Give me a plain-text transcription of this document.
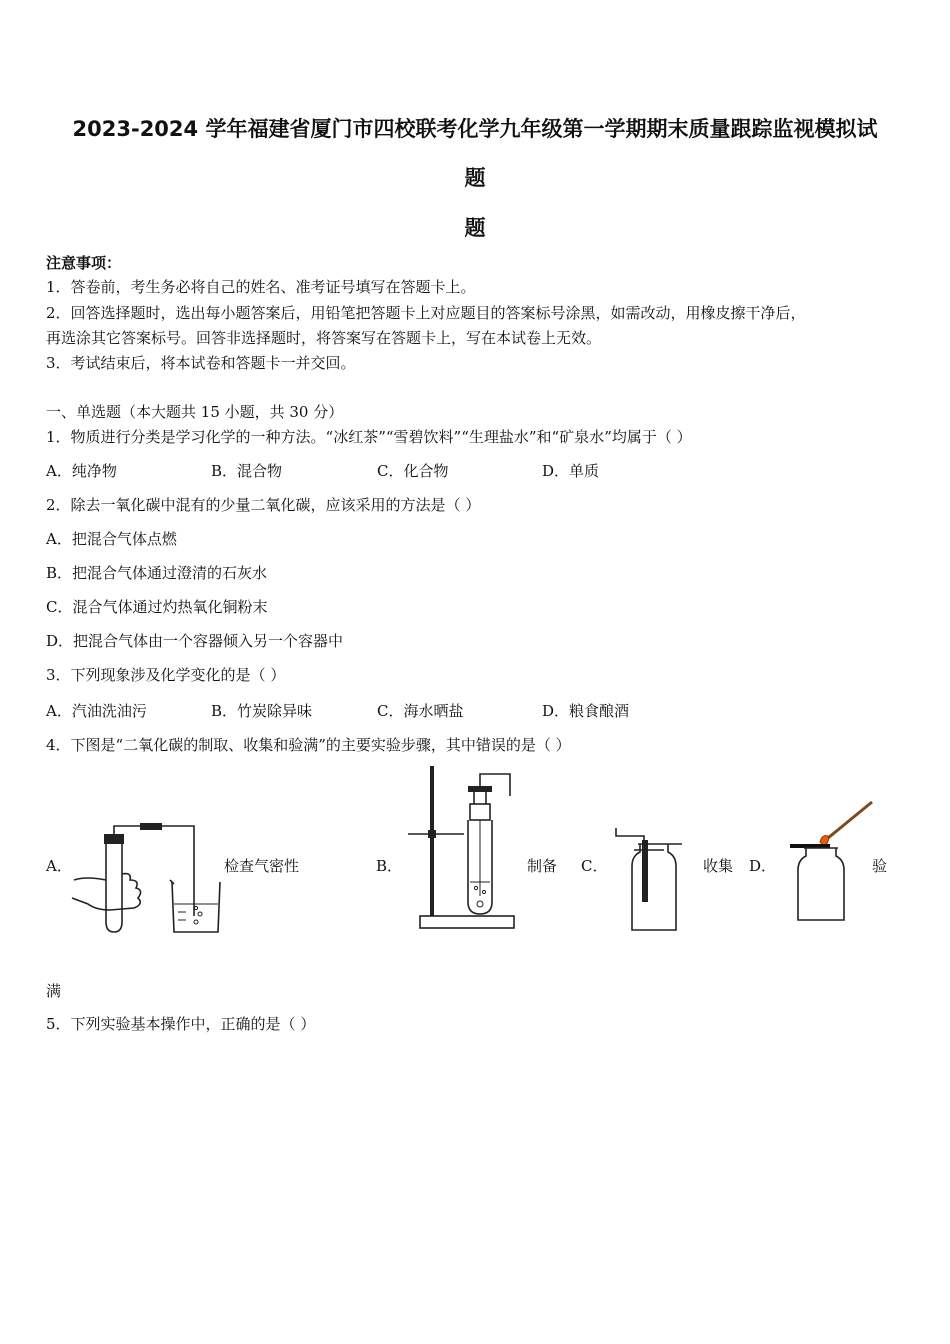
2023-2024 学年福建省厦门市四校联考化学九年级第一学期期末质量跟踪监视模拟试
题
题
注意事项：
1．答卷前，考生务必将自己的姓名、准考证号填写在答题卡上。
2．回答选择题时，选出每小题答案后，用铅笔把答题卡上对应题目的答案标号涂黑，如需改动，用橡皮擦干净后，
再选涂其它答案标号。回答非选择题时，将答案写在答题卡上，写在本试卷上无效。
3．考试结束后，将本试卷和答题卡一并交回。
一、单选题（本大题共 15 小题，共 30 分）
1．物质进行分类是学习化学的一种方法。“冰红茶”“雪碧饮料”“生理盐水”和“矿泉水”均属于（ ）
A．纯净物	B．混合物	C．化合物	D．单质
2．除去一氧化碳中混有的少量二氧化碳，应该采用的方法是（ ）
A．把混合气体点燃
B．把混合气体通过澄清的石灰水
C．混合气体通过灼热氧化铜粉末
D．把混合气体由一个容器倾入另一个容器中
3．下列现象涉及化学变化的是（ ）
A．汽油洗油污	B．竹炭除异味	C．海水晒盐	D．粮食酿酒
4．下图是“二氧化碳的制取、收集和验满”的主要实验步骤，其中错误的是（ ）
A．	检查气密性	B．	制备 C．	收集 D．	验
满
5．下列实验基本操作中，正确的是（ ）
